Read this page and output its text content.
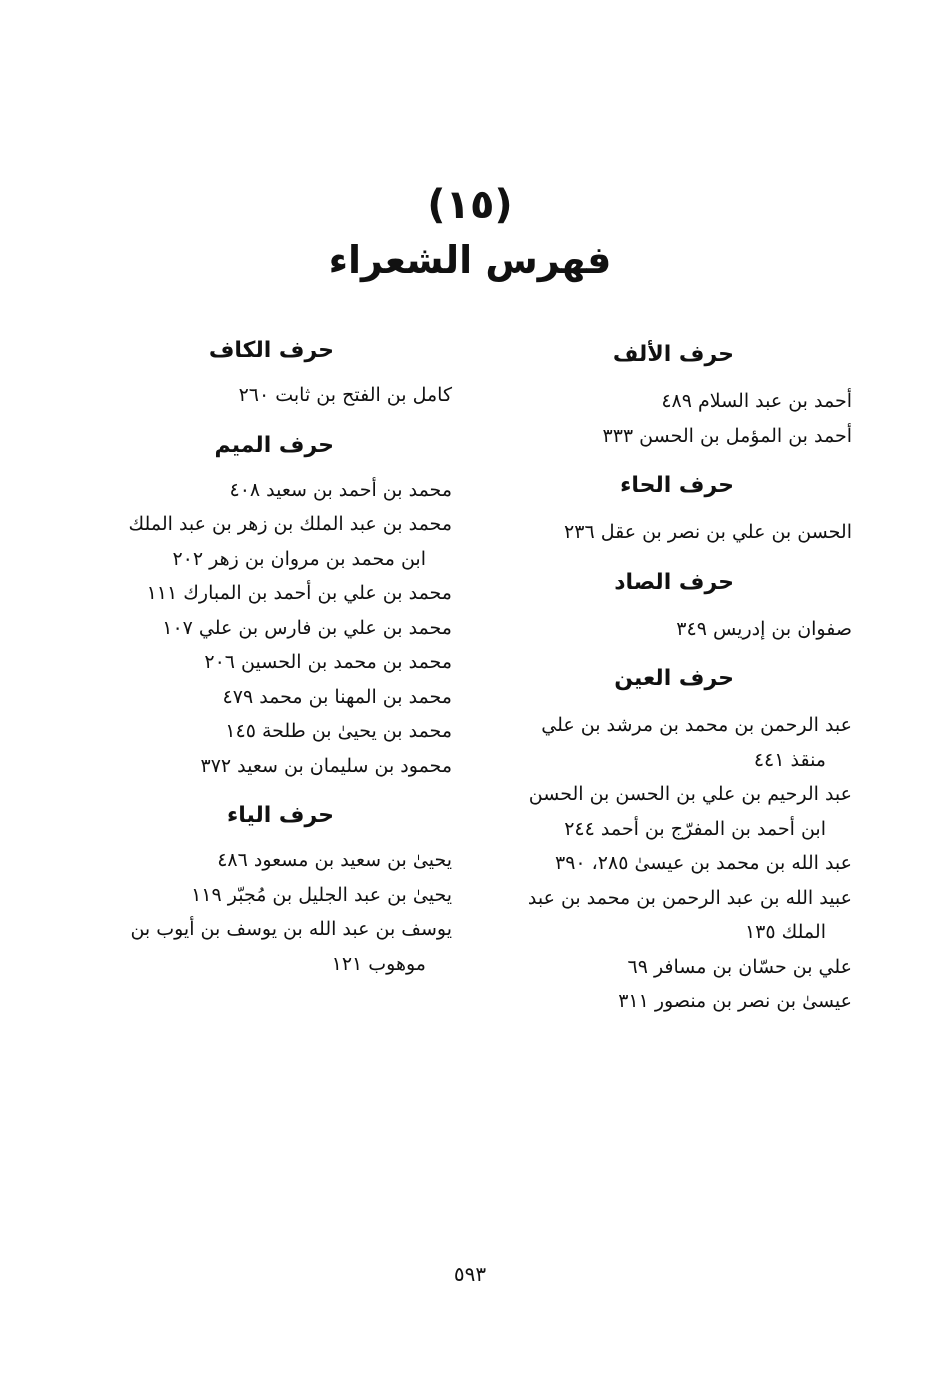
(١٥)
فهرس الشعراء
حرف الألف
أحمد بن عبد السلام ٤٨٩
أحمد بن المؤمل بن الحسن ٣٣٣
حرف الحاء
الحسن بن علي بن نصر بن عقل ٢٣٦
حرف الصاد
صفوان بن إدريس ٣٤٩
حرف العين
عبد الرحمن بن محمد بن مرشد بن علي
منقذ ٤٤١
عبد الرحيم بن علي بن الحسن بن الحسن
ابن أحمد بن المفرّج بن أحمد ٢٤٤
عبد الله بن محمد بن عيسىٰ ٢٨٥، ٣٩٠
عبيد الله بن عبد الرحمن بن محمد بن عبد
الملك ١٣٥
علي بن حسّان بن مسافر ٦٩
عيسىٰ بن نصر بن منصور ٣١١
حرف الكاف
كامل بن الفتح بن ثابت ٢٦٠
حرف الميم
محمد بن أحمد بن سعيد ٤٠٨
محمد بن عبد الملك بن زهر بن عبد الملك
ابن محمد بن مروان بن زهر ٢٠٢
محمد بن علي بن أحمد بن المبارك ١١١
محمد بن علي بن فارس بن علي ١٠٧
محمد بن محمد بن الحسين ٢٠٦
محمد بن المهنا بن محمد ٤٧٩
محمد بن يحيىٰ بن طلحة ١٤٥
محمود بن سليمان بن سعيد ٣٧٢
حرف الياء
يحيىٰ بن سعيد بن مسعود ٤٨٦
يحيىٰ بن عبد الجليل بن مُجبّر ١١٩
يوسف بن عبد الله بن يوسف بن أيوب بن
موهوب ١٢١
٥٩٣
